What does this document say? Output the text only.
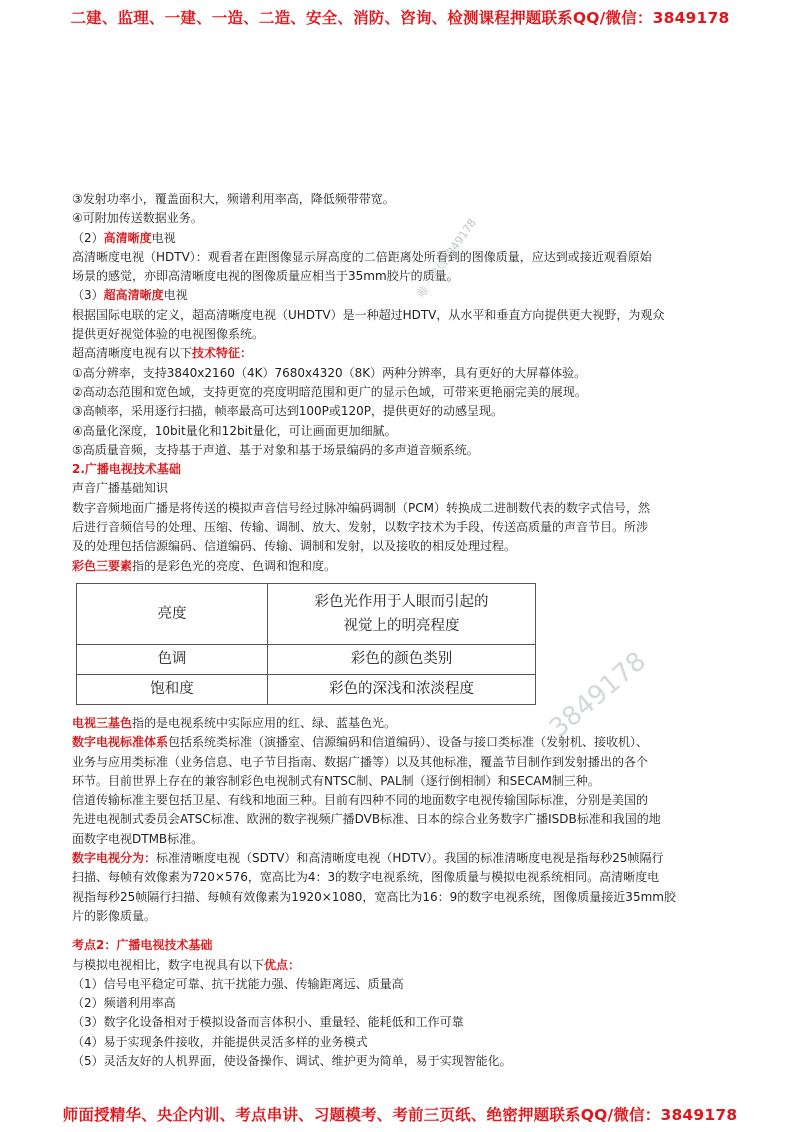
二建、监理、一建、一造、二造、安全、消防、咨询、检测课程押题联系QQ/微信：3849178

③发射功率小，覆盖面积大，频谱利用率高，降低频带带宽。

④可附加传送数据业务。

（2）高清晰度电视

高清晰度电视（HDTV）：观看者在距图像显示屏高度的二倍距离处所看到的图像质量，应达到或接近观看原始

场景的感觉，亦即高清晰度电视的图像质量应相当于35mm胶片的质量。

（3）超高清晰度电视

根据国际电联的定义，超高清晰度电视（UHDTV）是一种超过HDTV，从水平和垂直方向提供更大视野，为观众

提供更好视觉体验的电视图像系统。

超高清晰度电视有以下技术特征：

①高分辨率，支持3840x2160（4K）7680x4320（8K）两种分辨率，具有更好的大屏幕体验。

②高动态范围和宽色域，支持更宽的亮度明暗范围和更广的显示色域，可带来更艳丽完美的展现。

③高帧率，采用逐行扫描，帧率最高可达到100P或120P，提供更好的动感呈现。

④高量化深度，10bit量化和12bit量化，可让画面更加细腻。

⑤高质量音频，支持基于声道、基于对象和基于场景编码的多声道音频系统。

2.广播电视技术基础

声音广播基础知识

数字音频地面广播是将传送的模拟声音信号经过脉冲编码调制（PCM）转换成二进制数代表的数字式信号，然

后进行音频信号的处理、压缩、传输、调制、放大、发射，以数字技术为手段，传送高质量的声音节目。所涉

及的处理包括信源编码、信道编码、传输、调制和发射，以及接收的相反处理过程。

彩色三要素指的是彩色光的亮度、色调和饱和度。

亮度	彩色光作用于人眼而引起的
视觉上的明亮程度
色调	彩色的颜色类别
饱和度	彩色的深浅和浓淡程度

电视三基色指的是电视系统中实际应用的红、绿、蓝基色光。

数字电视标准体系包括系统类标准（演播室、信源编码和信道编码）、设备与接口类标准（发射机、接收机）、

业务与应用类标准（业务信息、电子节目指南、数据广播等）以及其他标准，覆盖节目制作到发射播出的各个

环节。目前世界上存在的兼容制彩色电视制式有NTSC制、PAL制（逐行倒相制）和SECAM制三种。

信道传输标准主要包括卫星、有线和地面三种。目前有四种不同的地面数字电视传输国际标准，分别是美国的

先进电视制式委员会ATSC标准、欧洲的数字视频广播DVB标准、日本的综合业务数字广播ISDB标准和我国的地

面数字电视DTMB标准。

数字电视分为：标准清晰度电视（SDTV）和高清晰度电视（HDTV）。我国的标准清晰度电视是指每秒25帧隔行

扫描、每帧有效像素为720×576，宽高比为4：3的数字电视系统，图像质量与模拟电视系统相同。高清晰度电

视指每秒25帧隔行扫描、每帧有效像素为1920×1080，宽高比为16：9的数字电视系统，图像质量接近35mm胶

片的影像质量。

考点2：广播电视技术基础

与模拟电视相比，数字电视具有以下优点：

（1）信号电平稳定可靠、抗干扰能力强、传输距离远、质量高

（2）频谱利用率高

（3）数字化设备相对于模拟设备而言体积小、重量轻、能耗低和工作可靠

（4）易于实现条件接收，并能提供灵活多样的业务模式

（5）灵活友好的人机界面，使设备操作、调试、维护更为简单，易于实现智能化。

唯一微信3849178
3849178
师面授精华、央企内训、考点串讲、习题模考、考前三页纸、绝密押题联系QQ/微信：3849178
